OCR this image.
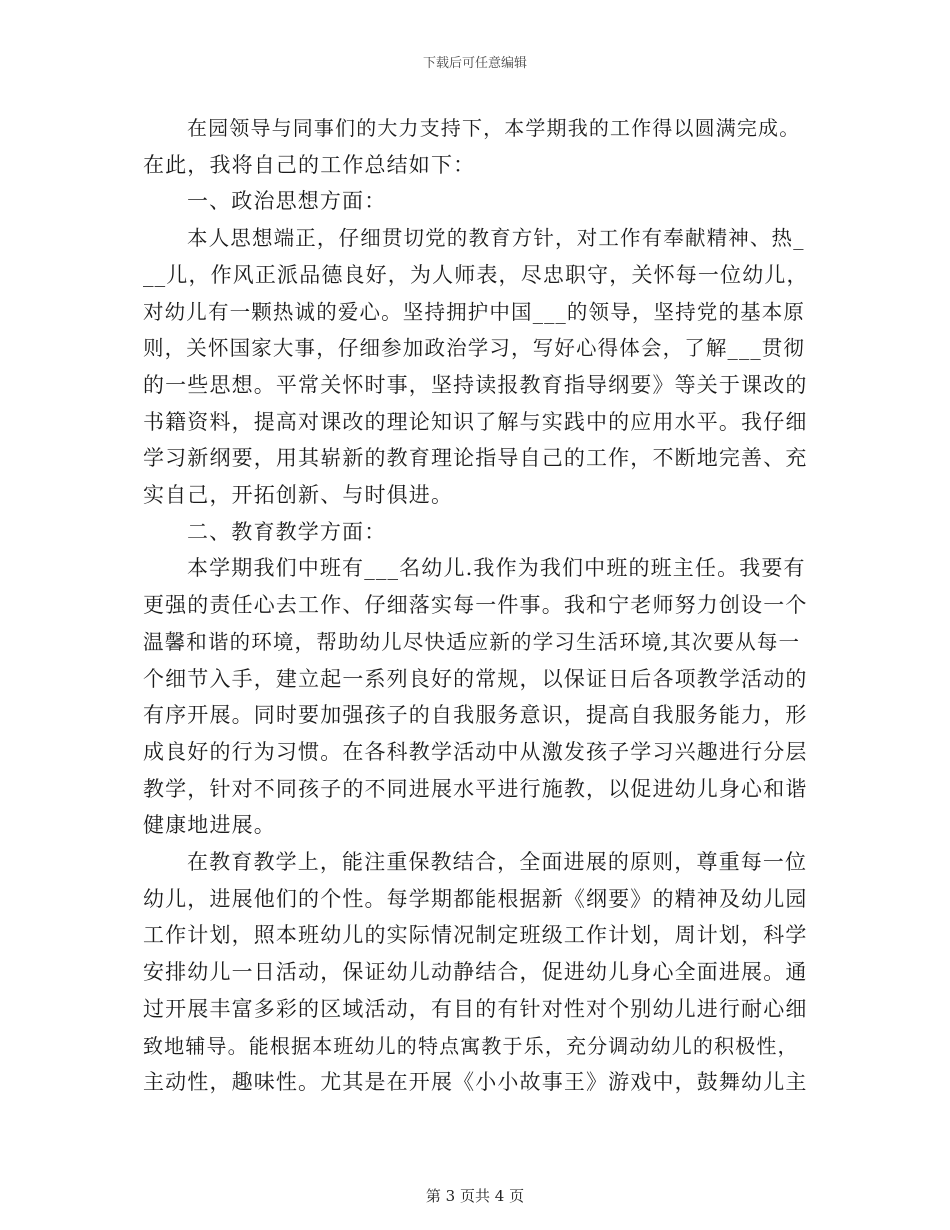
下载后可任意编辑
在园领导与同事们的大力支持下，本学期我的工作得以圆满完成。
在此，我将自己的工作总结如下：
一、政治思想方面：
本人思想端正，仔细贯切党的教育方针，对工作有奉献精神、热_
__儿，作风正派品德良好，为人师表，尽忠职守，关怀每一位幼儿，
对幼儿有一颗热诚的爱心。坚持拥护中国___的领导，坚持党的基本原
则，关怀国家大事，仔细参加政治学习，写好心得体会，了解___贯彻
的一些思想。平常关怀时事，坚持读报教育指导纲要》等关于课改的
书籍资料，提高对课改的理论知识了解与实践中的应用水平。我仔细
学习新纲要，用其崭新的教育理论指导自己的工作，不断地完善、充
实自己，开拓创新、与时俱进。
二、教育教学方面：
本学期我们中班有___名幼儿.我作为我们中班的班主任。我要有
更强的责任心去工作、仔细落实每一件事。我和宁老师努力创设一个
温馨和谐的环境，帮助幼儿尽快适应新的学习生活环境,其次要从每一
个细节入手，建立起一系列良好的常规，以保证日后各项教学活动的
有序开展。同时要加强孩子的自我服务意识，提高自我服务能力，形
成良好的行为习惯。在各科教学活动中从激发孩子学习兴趣进行分层
教学，针对不同孩子的不同进展水平进行施教，以促进幼儿身心和谐
健康地进展。
在教育教学上，能注重保教结合，全面进展的原则，尊重每一位
幼儿，进展他们的个性。每学期都能根据新《纲要》的精神及幼儿园
工作计划，照本班幼儿的实际情况制定班级工作计划，周计划，科学
安排幼儿一日活动，保证幼儿动静结合，促进幼儿身心全面进展。通
过开展丰富多彩的区域活动，有目的有针对性对个别幼儿进行耐心细
致地辅导。能根据本班幼儿的特点寓教于乐，充分调动幼儿的积极性，
主动性，趣味性。尤其是在开展《小小故事王》游戏中，鼓舞幼儿主
第 3 页共 4 页
